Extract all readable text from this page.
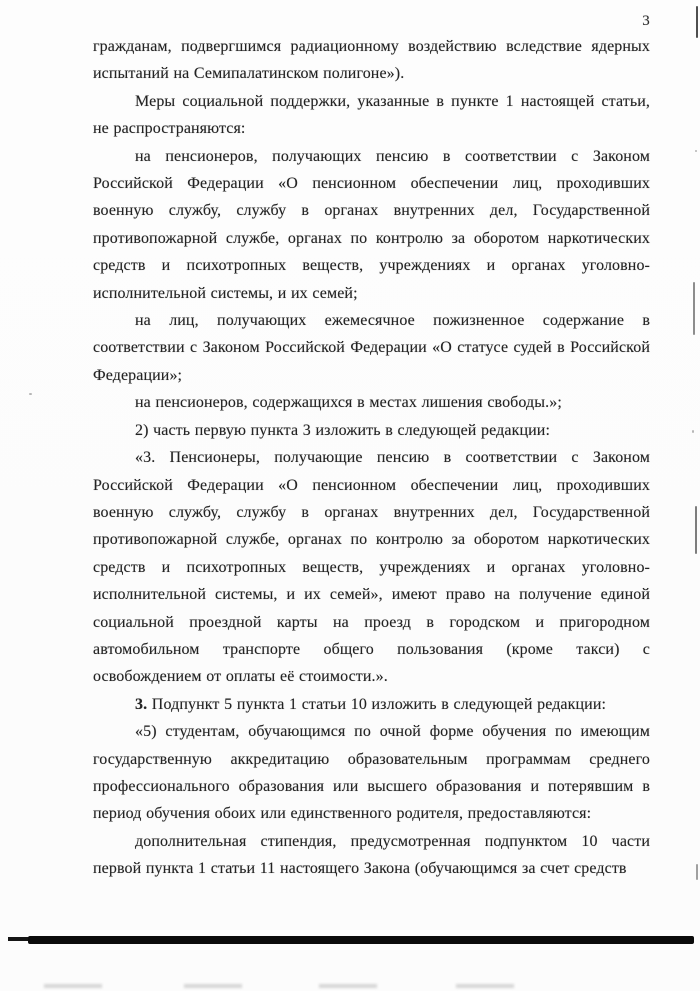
3

гражданам, подвергшимся радиационному воздействию вследствие ядерных испытаний на Семипалатинском полигоне»).

Меры социальной поддержки, указанные в пункте 1 настоящей статьи, не распространяются:

на пенсионеров, получающих пенсию в соответствии с Законом Российской Федерации «О пенсионном обеспечении лиц, проходивших военную службу, службу в органах внутренних дел, Государственной противопожарной службе, органах по контролю за оборотом наркотических средств и психотропных веществ, учреждениях и органах уголовно-исполнительной системы, и их семей;

на лиц, получающих ежемесячное пожизненное содержание в соответствии с Законом Российской Федерации «О статусе судей в Российской Федерации»;

на пенсионеров, содержащихся в местах лишения свободы.»;

2) часть первую пункта 3 изложить в следующей редакции:

«3. Пенсионеры, получающие пенсию в соответствии с Законом Российской Федерации «О пенсионном обеспечении лиц, проходивших военную службу, службу в органах внутренних дел, Государственной противопожарной службе, органах по контролю за оборотом наркотических средств и психотропных веществ, учреждениях и органах уголовно-исполнительной системы, и их семей», имеют право на получение единой социальной проездной карты на проезд в городском и пригородном автомобильном транспорте общего пользования (кроме такси) с освобождением от оплаты её стоимости.».

3. Подпункт 5 пункта 1 статьи 10 изложить в следующей редакции:

«5) студентам, обучающимся по очной форме обучения по имеющим государственную аккредитацию образовательным программам среднего профессионального образования или высшего образования и потерявшим в период обучения обоих или единственного родителя, предоставляются:

дополнительная стипендия, предусмотренная подпунктом 10 части первой пункта 1 статьи 11 настоящего Закона (обучающимся за счет средств
